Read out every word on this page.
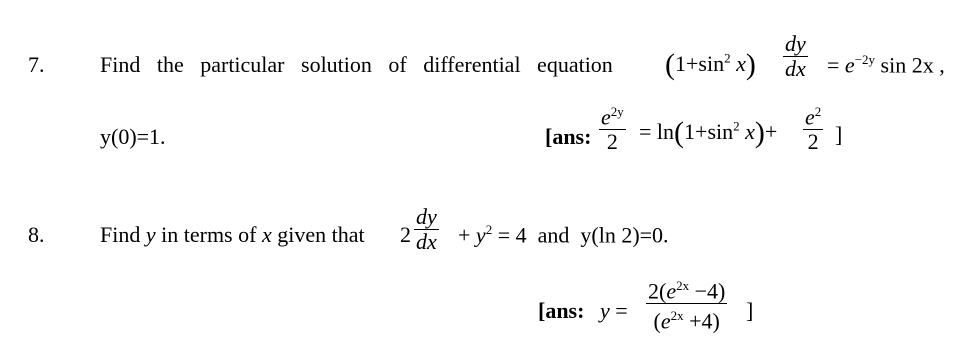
7.	Find   the   particular   solution   of   differential   equation ($1+\sin^2$ x)
dy
dx = $e^{-2y}$ sin 2x ,
y(0)=1.	[ans:
$e^{2y}$
$2 = \ln(1+\sin^2$ x)+
$e^2$
2 ]
8.	Find y in terms of x given that 2
dy
dx + $y^2 = 4$ and y(ln 2)=0.
[ans: y =
$2(e^{2x} -4)$
$(e^{2x} +4)$ ]
